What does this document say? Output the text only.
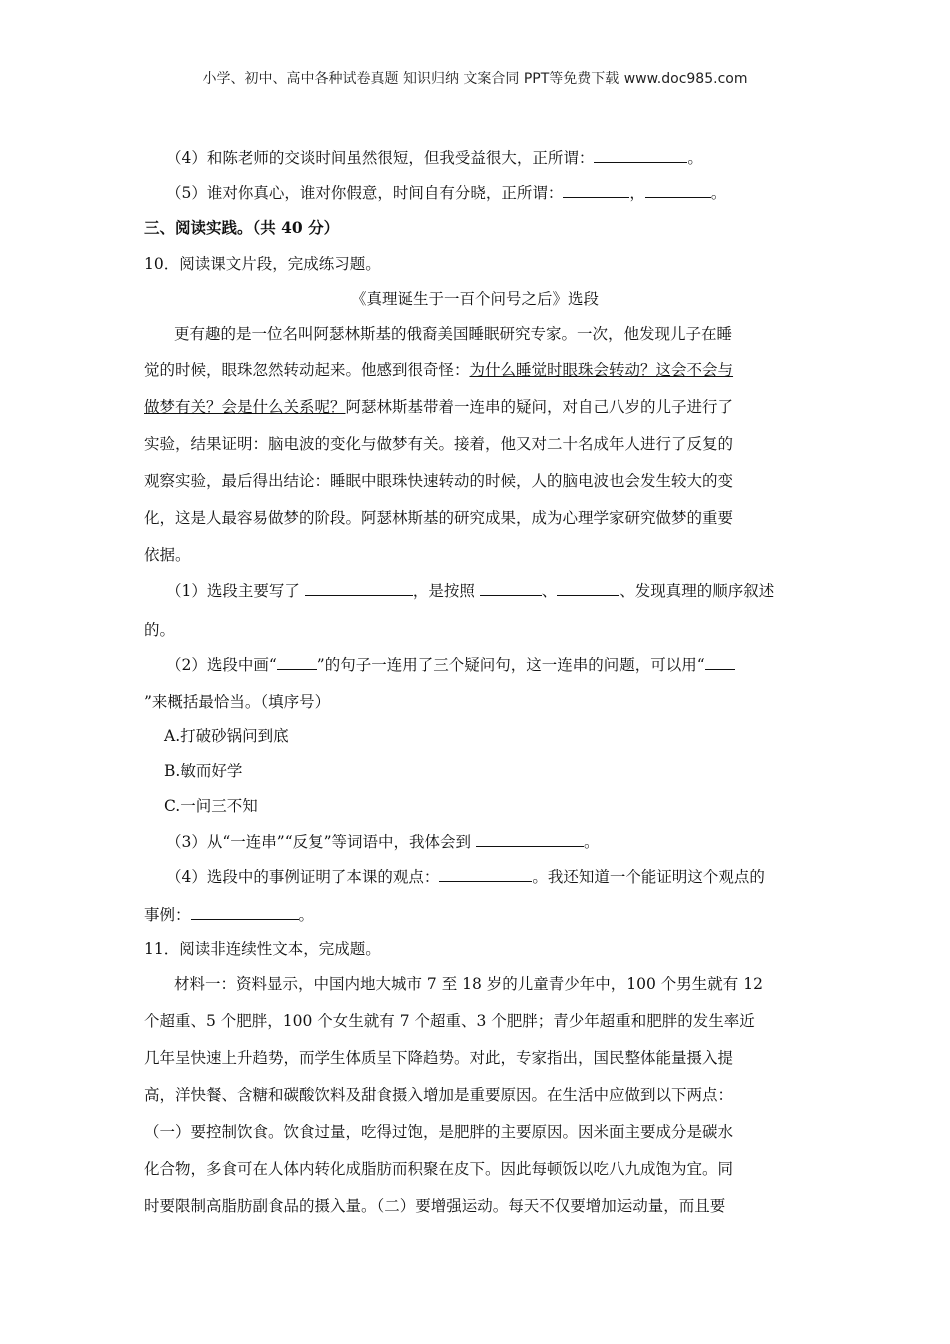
小学、初中、高中各种试卷真题 知识归纳 文案合同 PPT等免费下载 www.doc985.com
（4）和陈老师的交谈时间虽然很短，但我受益很大，正所谓：	。
（5）谁对你真心，谁对你假意，时间自有分晓，正所谓：	，	。
三、阅读实践。（共 40 分）
10．阅读课文片段，完成练习题。
《真理诞生于一百个问号之后》选段
更有趣的是一位名叫阿瑟林斯基的俄裔美国睡眠研究专家。一次，他发现儿子在睡
觉的时候，眼珠忽然转动起来。他感到很奇怪：为什么睡觉时眼珠会转动？这会不会与
做梦有关？会是什么关系呢？阿瑟林斯基带着一连串的疑问，对自己八岁的儿子进行了
实验，结果证明：脑电波的变化与做梦有关。接着，他又对二十名成年人进行了反复的
观察实验，最后得出结论：睡眠中眼珠快速转动的时候，人的脑电波也会发生较大的变
化，这是人最容易做梦的阶段。阿瑟林斯基的研究成果，成为心理学家研究做梦的重要
依据。
（1）选段主要写了	，是按照	、	、发现真理的顺序叙述
的。
（2）选段中画“	”的句子一连用了三个疑问句，这一连串的问题，可以用“
”来概括最恰当。（填序号）
A.打破砂锅问到底
B.敏而好学
C.一问三不知
（3）从“一连串”“反复”等词语中，我体会到	。
（4）选段中的事例证明了本课的观点：	。我还知道一个能证明这个观点的
事例：	。
11．阅读非连续性文本，完成题。
材料一：资料显示，中国内地大城市 7 至 18 岁的儿童青少年中，100 个男生就有 12
个超重、5 个肥胖，100 个女生就有 7 个超重、3 个肥胖；青少年超重和肥胖的发生率近
几年呈快速上升趋势，而学生体质呈下降趋势。对此，专家指出，国民整体能量摄入提
高，洋快餐、含糖和碳酸饮料及甜食摄入增加是重要原因。在生活中应做到以下两点：
（一）要控制饮食。饮食过量，吃得过饱，是肥胖的主要原因。因米面主要成分是碳水
化合物，多食可在人体内转化成脂肪而积聚在皮下。因此每顿饭以吃八九成饱为宜。同
时要限制高脂肪副食品的摄入量。（二）要增强运动。每天不仅要增加运动量，而且要
